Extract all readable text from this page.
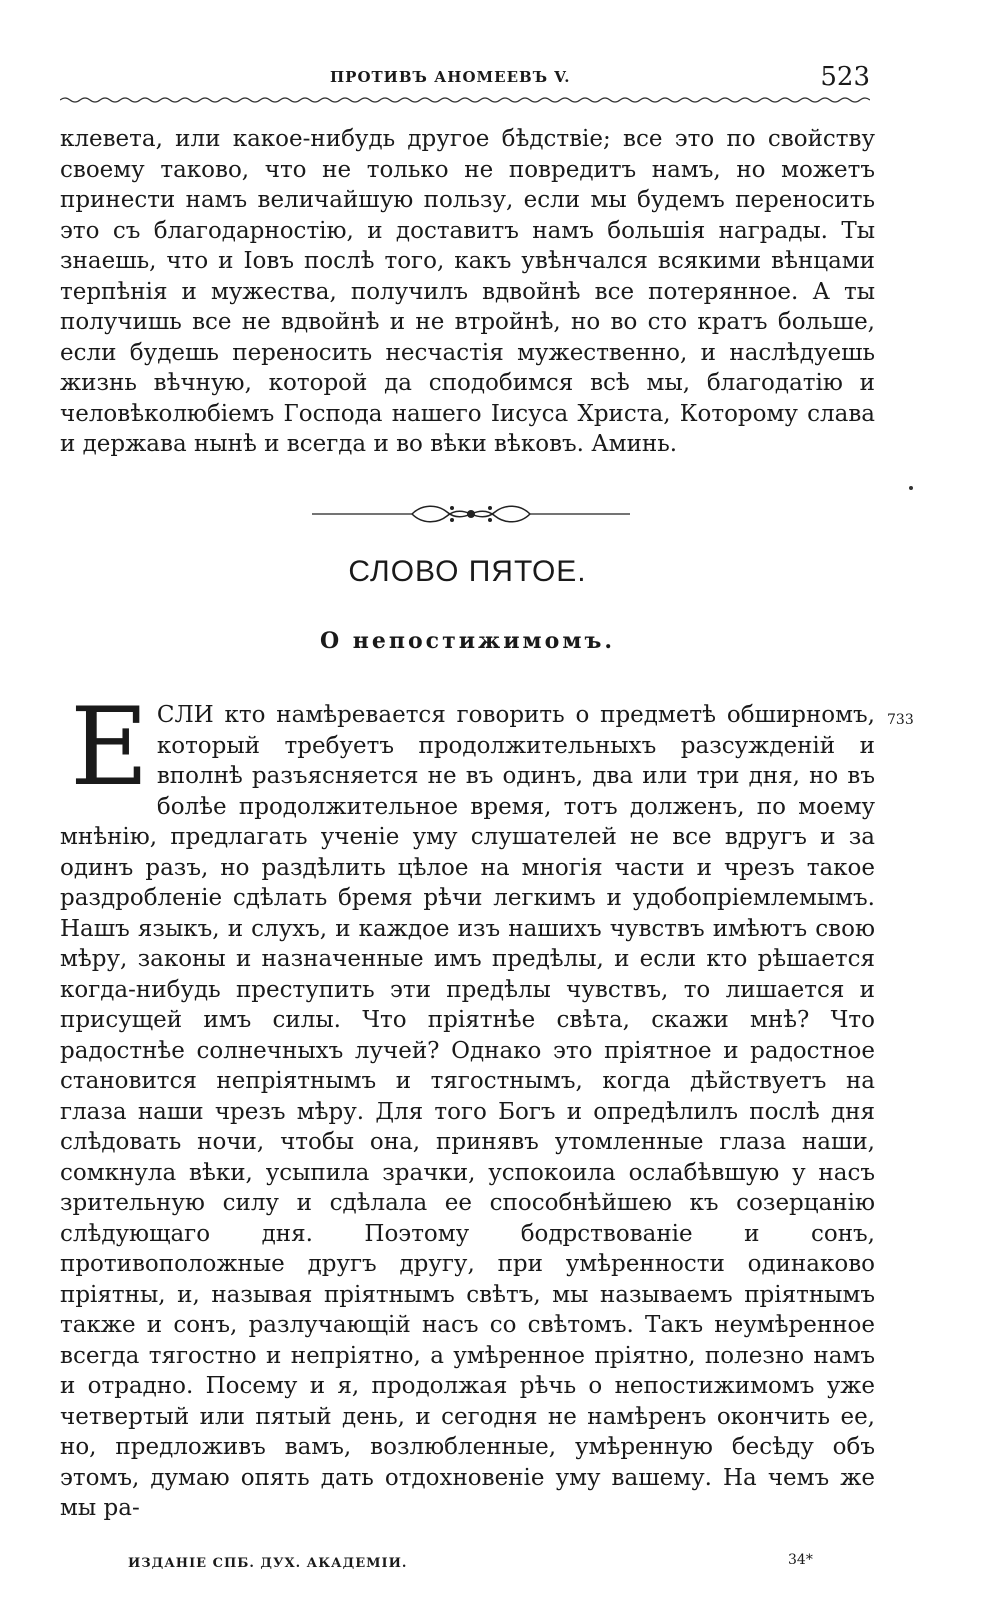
ПРОТИВЪ АНОМЕЕВЪ V.	523

клевета, или какое-нибудь другое бѣдствіе; все это по свойству своему таково, что не только не повредитъ намъ, но можетъ принести намъ величайшую пользу, если мы будемъ переносить это съ благодарностію, и доставитъ намъ большія награды. Ты знаешь, что и Іовъ послѣ того, какъ увѣнчался всякими вѣнцами терпѣнія и мужества, получилъ вдвойнѣ все потерянное. А ты получишь все не вдвойнѣ и не втройнѣ, но во сто кратъ больше, если будешь переносить несчастія мужественно, и наслѣдуешь жизнь вѣчную, которой да сподобимся всѣ мы, благодатію и человѣколюбіемъ Господа нашего Іисуса Христа, Которому слава и держава нынѣ и всегда и во вѣки вѣковъ. Аминь.

СЛОВО ПЯТОЕ.
О непостижимомъ.
Е СЛИ кто намѣревается говорить о предметѣ обширномъ, который требуетъ продолжительныхъ разсужденій и вполнѣ разъясняется не въ одинъ, два или три дня, но въ болѣе продолжительное время, тотъ долженъ, по моему мнѣнію, предлагать ученіе уму слушателей не все вдругъ и за одинъ разъ, но раздѣлить цѣлое на многія части и чрезъ такое раздробленіе сдѣлать бремя рѣчи легкимъ и удобопріемлемымъ. Нашъ языкъ, и слухъ, и каждое изъ нашихъ чувствъ имѣютъ свою мѣру, законы и назначенные имъ предѣлы, и если кто рѣшается когда-нибудь преступить эти предѣлы чувствъ, то лишается и присущей имъ силы. Что пріятнѣе свѣта, скажи мнѣ? Что радостнѣе солнечныхъ лучей? Однако это пріятное и радостное становится непріятнымъ и тягостнымъ, когда дѣйствуетъ на глаза наши чрезъ мѣру. Для того Богъ и опредѣлилъ послѣ дня слѣдовать ночи, чтобы она, принявъ утомленные глаза наши, сомкнула вѣки, усыпила зрачки, успокоила ослабѣвшую у насъ зрительную силу и сдѣлала ее способнѣйшею къ созерцанію слѣдующаго дня. Поэтому бодрствованіе и сонъ, противоположные другъ другу, при умѣренности одинаково пріятны, и, называя пріятнымъ свѣтъ, мы называемъ пріятнымъ также и сонъ, разлучающій насъ со свѣтомъ. Такъ неумѣренное всегда тягостно и непріятно, а умѣренное пріятно, полезно намъ и отрадно. Посему и я, продолжая рѣчь о непостижимомъ уже четвертый или пятый день, и сегодня не намѣренъ окончить ее, но, предложивъ вамъ, возлюбленные, умѣренную бесѣду объ этомъ, думаю опять дать отдохновеніе уму вашему. На чемъ же мы ра-

733
ИЗДАНІЕ СПБ. ДУХ. АКАДЕМІИ.	34*
